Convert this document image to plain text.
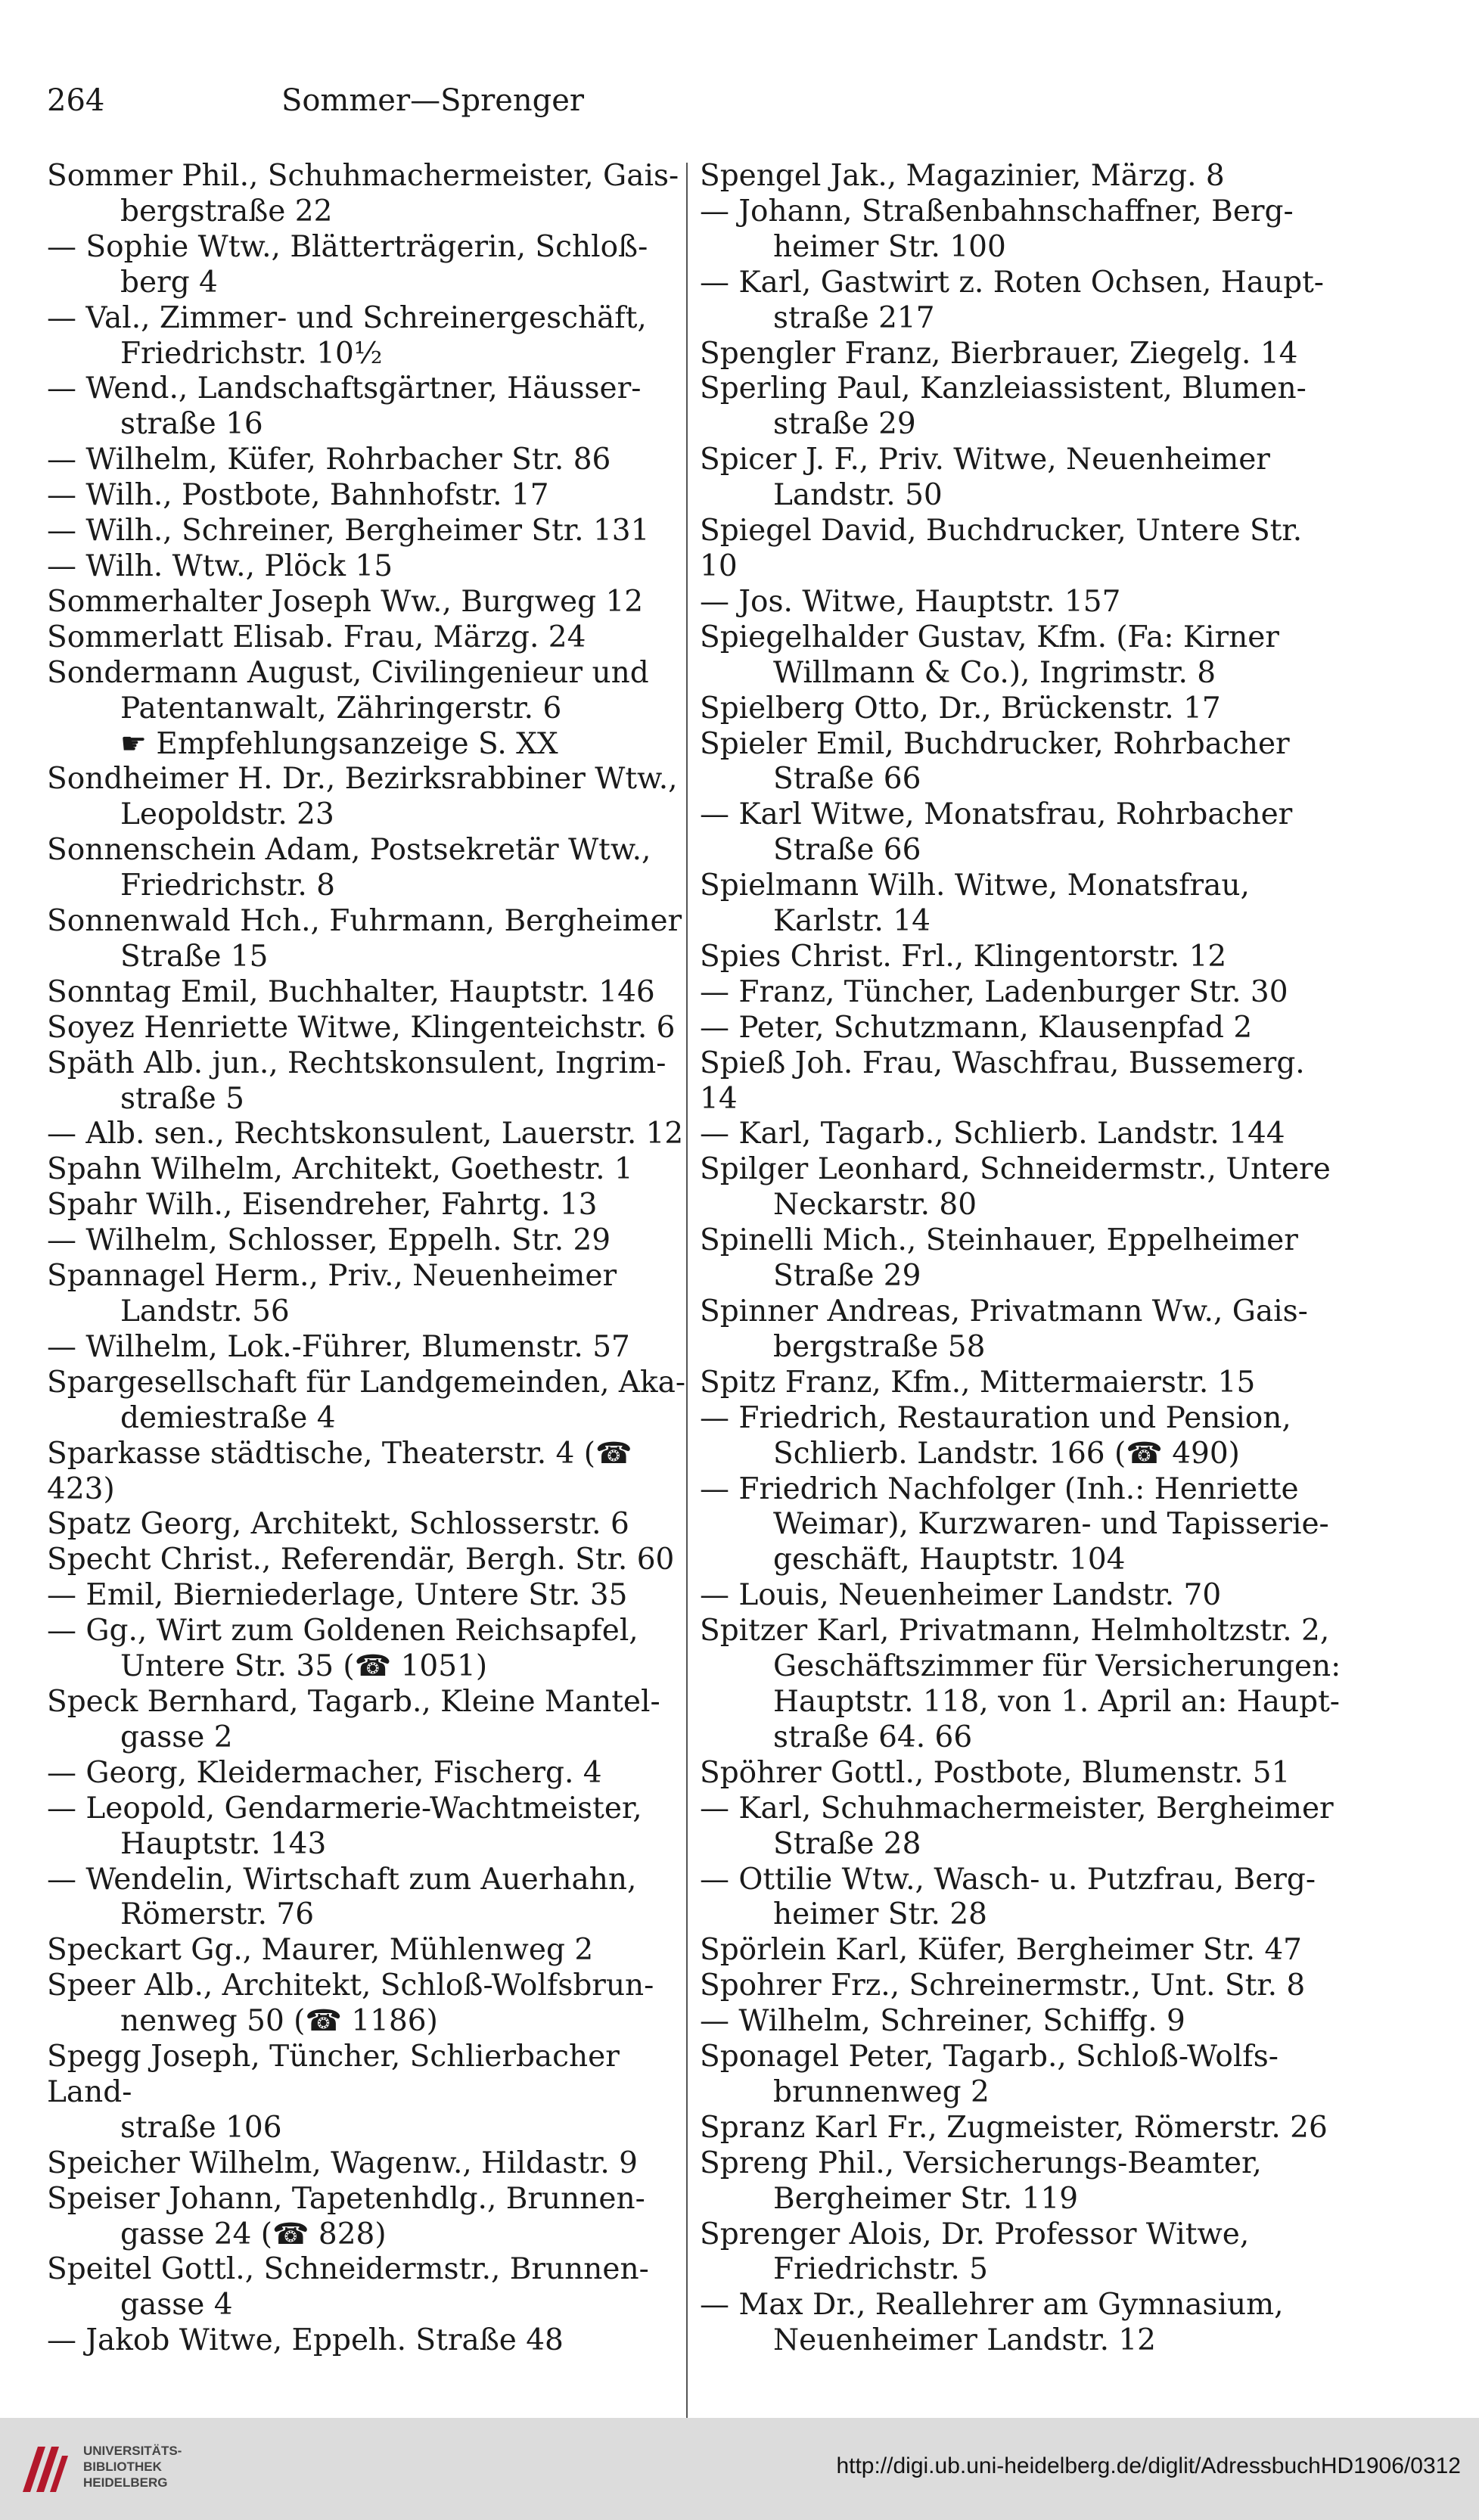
264	Sommer—Sprenger
Sommer Phil., Schuhmachermeister, Gais-
bergstraße 22
— Sophie Wtw., Blätterträgerin, Schloß-
berg 4
— Val., Zimmer- und Schreinergeschäft,
Friedrichstr. 10½
— Wend., Landschaftsgärtner, Häusser-
straße 16
— Wilhelm, Küfer, Rohrbacher Str. 86
— Wilh., Postbote, Bahnhofstr. 17
— Wilh., Schreiner, Bergheimer Str. 131
— Wilh. Wtw., Plöck 15
Sommerhalter Joseph Ww., Burgweg 12
Sommerlatt Elisab. Frau, Märzg. 24
Sondermann August, Civilingenieur und
Patentanwalt, Zähringerstr. 6
☛ Empfehlungsanzeige S. XX
Sondheimer H. Dr., Bezirksrabbiner Wtw.,
Leopoldstr. 23
Sonnenschein Adam, Postsekretär Wtw.,
Friedrichstr. 8
Sonnenwald Hch., Fuhrmann, Bergheimer
Straße 15
Sonntag Emil, Buchhalter, Hauptstr. 146
Soyez Henriette Witwe, Klingenteichstr. 6
Späth Alb. jun., Rechtskonsulent, Ingrim-
straße 5
— Alb. sen., Rechtskonsulent, Lauerstr. 12
Spahn Wilhelm, Architekt, Goethestr. 1
Spahr Wilh., Eisendreher, Fahrtg. 13
— Wilhelm, Schlosser, Eppelh. Str. 29
Spannagel Herm., Priv., Neuenheimer
Landstr. 56
— Wilhelm, Lok.-Führer, Blumenstr. 57
Spargesellschaft für Landgemeinden, Aka-
demiestraße 4
Sparkasse städtische, Theaterstr. 4 (☎ 423)
Spatz Georg, Architekt, Schlosserstr. 6
Specht Christ., Referendär, Bergh. Str. 60
— Emil, Bierniederlage, Untere Str. 35
— Gg., Wirt zum Goldenen Reichsapfel,
Untere Str. 35 (☎ 1051)
Speck Bernhard, Tagarb., Kleine Mantel-
gasse 2
— Georg, Kleidermacher, Fischerg. 4
— Leopold, Gendarmerie-Wachtmeister,
Hauptstr. 143
— Wendelin, Wirtschaft zum Auerhahn,
Römerstr. 76
Speckart Gg., Maurer, Mühlenweg 2
Speer Alb., Architekt, Schloß-Wolfsbrun-
nenweg 50 (☎ 1186)
Spegg Joseph, Tüncher, Schlierbacher Land-
straße 106
Speicher Wilhelm, Wagenw., Hildastr. 9
Speiser Johann, Tapetenhdlg., Brunnen-
gasse 24 (☎ 828)
Speitel Gottl., Schneidermstr., Brunnen-
gasse 4
— Jakob Witwe, Eppelh. Straße 48
Spengel Jak., Magazinier, Märzg. 8
— Johann, Straßenbahnschaffner, Berg-
heimer Str. 100
— Karl, Gastwirt z. Roten Ochsen, Haupt-
straße 217
Spengler Franz, Bierbrauer, Ziegelg. 14
Sperling Paul, Kanzleiassistent, Blumen-
straße 29
Spicer J. F., Priv. Witwe, Neuenheimer
Landstr. 50
Spiegel David, Buchdrucker, Untere Str. 10
— Jos. Witwe, Hauptstr. 157
Spiegelhalder Gustav, Kfm. (Fa: Kirner
Willmann & Co.), Ingrimstr. 8
Spielberg Otto, Dr., Brückenstr. 17
Spieler Emil, Buchdrucker, Rohrbacher
Straße 66
— Karl Witwe, Monatsfrau, Rohrbacher
Straße 66
Spielmann Wilh. Witwe, Monatsfrau,
Karlstr. 14
Spies Christ. Frl., Klingentorstr. 12
— Franz, Tüncher, Ladenburger Str. 30
— Peter, Schutzmann, Klausenpfad 2
Spieß Joh. Frau, Waschfrau, Bussemerg. 14
— Karl, Tagarb., Schlierb. Landstr. 144
Spilger Leonhard, Schneidermstr., Untere
Neckarstr. 80
Spinelli Mich., Steinhauer, Eppelheimer
Straße 29
Spinner Andreas, Privatmann Ww., Gais-
bergstraße 58
Spitz Franz, Kfm., Mittermaierstr. 15
— Friedrich, Restauration und Pension,
Schlierb. Landstr. 166 (☎ 490)
— Friedrich Nachfolger (Inh.: Henriette
Weimar), Kurzwaren- und Tapisserie-
geschäft, Hauptstr. 104
— Louis, Neuenheimer Landstr. 70
Spitzer Karl, Privatmann, Helmholtzstr. 2,
Geschäftszimmer für Versicherungen:
Hauptstr. 118, von 1. April an: Haupt-
straße 64. 66
Spöhrer Gottl., Postbote, Blumenstr. 51
— Karl, Schuhmachermeister, Bergheimer
Straße 28
— Ottilie Wtw., Wasch- u. Putzfrau, Berg-
heimer Str. 28
Spörlein Karl, Küfer, Bergheimer Str. 47
Spohrer Frz., Schreinermstr., Unt. Str. 8
— Wilhelm, Schreiner, Schiffg. 9
Sponagel Peter, Tagarb., Schloß-Wolfs-
brunnenweg 2
Spranz Karl Fr., Zugmeister, Römerstr. 26
Spreng Phil., Versicherungs-Beamter,
Bergheimer Str. 119
Sprenger Alois, Dr. Professor Witwe,
Friedrichstr. 5
— Max Dr., Reallehrer am Gymnasium,
Neuenheimer Landstr. 12
UNIVERSITÄTS-
BIBLIOTHEK
HEIDELBERG
http://digi.ub.uni-heidelberg.de/diglit/AdressbuchHD1906/0312
